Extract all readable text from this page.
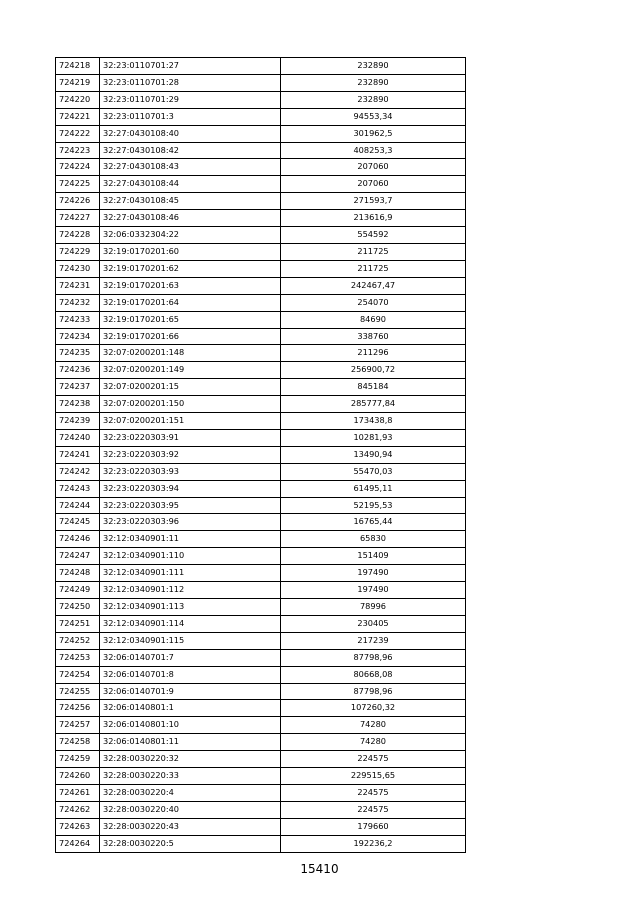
724218	32:23:0110701:27	232890
724219	32:23:0110701:28	232890
724220	32:23:0110701:29	232890
724221	32:23:0110701:3	94553,34
724222	32:27:0430108:40	301962,5
724223	32:27:0430108:42	408253,3
724224	32:27:0430108:43	207060
724225	32:27:0430108:44	207060
724226	32:27:0430108:45	271593,7
724227	32:27:0430108:46	213616,9
724228	32:06:0332304:22	554592
724229	32:19:0170201:60	211725
724230	32:19:0170201:62	211725
724231	32:19:0170201:63	242467,47
724232	32:19:0170201:64	254070
724233	32:19:0170201:65	84690
724234	32:19:0170201:66	338760
724235	32:07:0200201:148	211296
724236	32:07:0200201:149	256900,72
724237	32:07:0200201:15	845184
724238	32:07:0200201:150	285777,84
724239	32:07:0200201:151	173438,8
724240	32:23:0220303:91	10281,93
724241	32:23:0220303:92	13490,94
724242	32:23:0220303:93	55470,03
724243	32:23:0220303:94	61495,11
724244	32:23:0220303:95	52195,53
724245	32:23:0220303:96	16765,44
724246	32:12:0340901:11	65830
724247	32:12:0340901:110	151409
724248	32:12:0340901:111	197490
724249	32:12:0340901:112	197490
724250	32:12:0340901:113	78996
724251	32:12:0340901:114	230405
724252	32:12:0340901:115	217239
724253	32:06:0140701:7	87798,96
724254	32:06:0140701:8	80668,08
724255	32:06:0140701:9	87798,96
724256	32:06:0140801:1	107260,32
724257	32:06:0140801:10	74280
724258	32:06:0140801:11	74280
724259	32:28:0030220:32	224575
724260	32:28:0030220:33	229515,65
724261	32:28:0030220:4	224575
724262	32:28:0030220:40	224575
724263	32:28:0030220:43	179660
724264	32:28:0030220:5	192236,2
15410
